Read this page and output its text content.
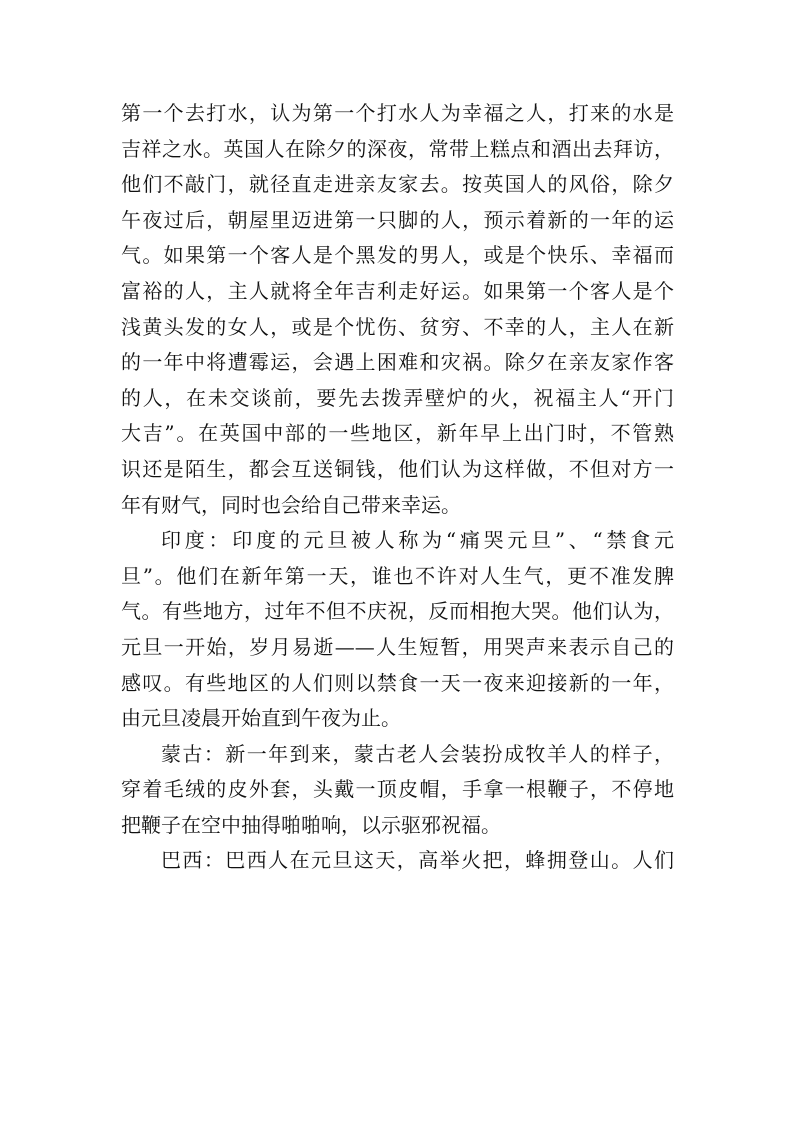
第一个去打水，认为第一个打水人为幸福之人，打来的水是
吉祥之水。英国人在除夕的深夜，常带上糕点和酒出去拜访，
他们不敲门，就径直走进亲友家去。按英国人的风俗，除夕
午夜过后，朝屋里迈进第一只脚的人，预示着新的一年的运
气。如果第一个客人是个黑发的男人，或是个快乐、幸福而
富裕的人，主人就将全年吉利走好运。如果第一个客人是个
浅黄头发的女人，或是个忧伤、贫穷、不幸的人，主人在新
的一年中将遭霉运，会遇上困难和灾祸。除夕在亲友家作客
的人，在未交谈前，要先去拨弄壁炉的火，祝福主人“开门
大吉”。在英国中部的一些地区，新年早上出门时，不管熟
识还是陌生，都会互送铜钱，他们认为这样做，不但对方一
年有财气，同时也会给自己带来幸运。
印度：印度的元旦被人称为“痛哭元旦”、“禁食元
旦”。他们在新年第一天，谁也不许对人生气，更不准发脾
气。有些地方，过年不但不庆祝，反而相抱大哭。他们认为，
元旦一开始，岁月易逝——人生短暂，用哭声来表示自己的
感叹。有些地区的人们则以禁食一天一夜来迎接新的一年，
由元旦凌晨开始直到午夜为止。
蒙古：新一年到来，蒙古老人会装扮成牧羊人的样子，
穿着毛绒的皮外套，头戴一顶皮帽，手拿一根鞭子，不停地
把鞭子在空中抽得啪啪响，以示驱邪祝福。
巴西：巴西人在元旦这天，高举火把，蜂拥登山。人们
